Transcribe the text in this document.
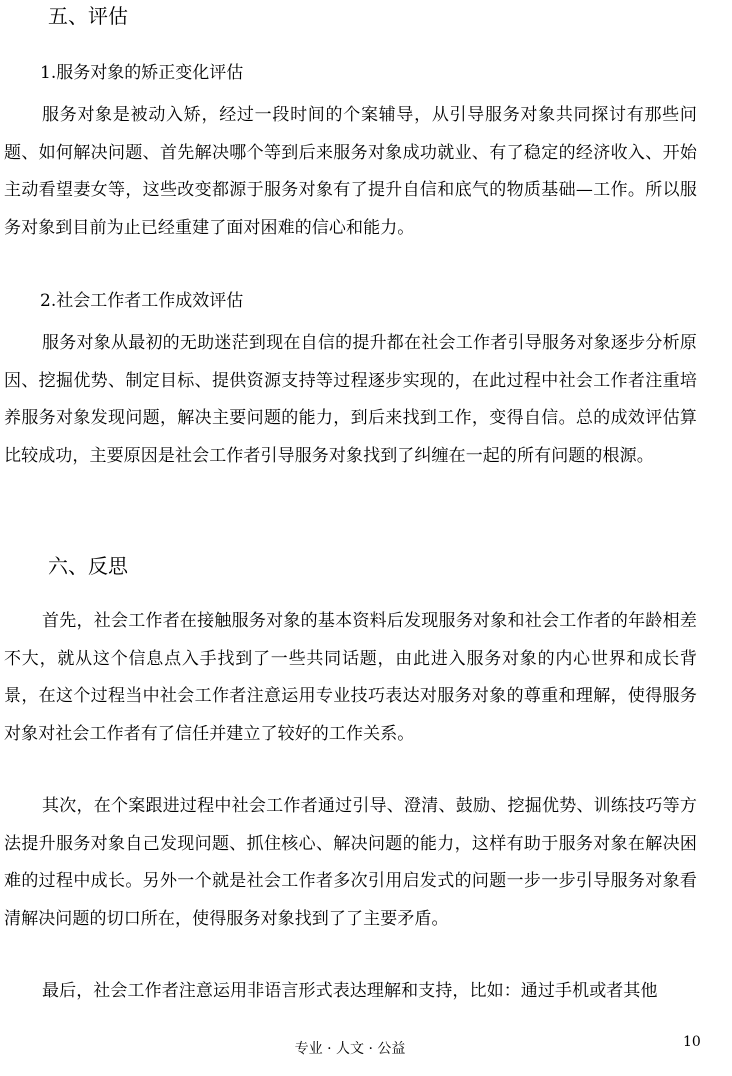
五、评估
1.服务对象的矫正变化评估

服务对象是被动入矫，经过一段时间的个案辅导，从引导服务对象共同探讨有那些问题、如何解决问题、首先解决哪个等到后来服务对象成功就业、有了稳定的经济收入、开始主动看望妻女等，这些改变都源于服务对象有了提升自信和底气的物质基础—工作。所以服务对象到目前为止已经重建了面对困难的信心和能力。

2.社会工作者工作成效评估

服务对象从最初的无助迷茫到现在自信的提升都在社会工作者引导服务对象逐步分析原因、挖掘优势、制定目标、提供资源支持等过程逐步实现的，在此过程中社会工作者注重培养服务对象发现问题，解决主要问题的能力，到后来找到工作，变得自信。总的成效评估算比较成功，主要原因是社会工作者引导服务对象找到了纠缠在一起的所有问题的根源。

六、反思

首先，社会工作者在接触服务对象的基本资料后发现服务对象和社会工作者的年龄相差不大，就从这个信息点入手找到了一些共同话题，由此进入服务对象的内心世界和成长背景，在这个过程当中社会工作者注意运用专业技巧表达对服务对象的尊重和理解，使得服务对象对社会工作者有了信任并建立了较好的工作关系。

其次，在个案跟进过程中社会工作者通过引导、澄清、鼓励、挖掘优势、训练技巧等方法提升服务对象自己发现问题、抓住核心、解决问题的能力，这样有助于服务对象在解决困难的过程中成长。另外一个就是社会工作者多次引用启发式的问题一步一步引导服务对象看清解决问题的切口所在，使得服务对象找到了了主要矛盾。

最后，社会工作者注意运用非语言形式表达理解和支持，比如：通过手机或者其他

专业 · 人文 · 公益	10
